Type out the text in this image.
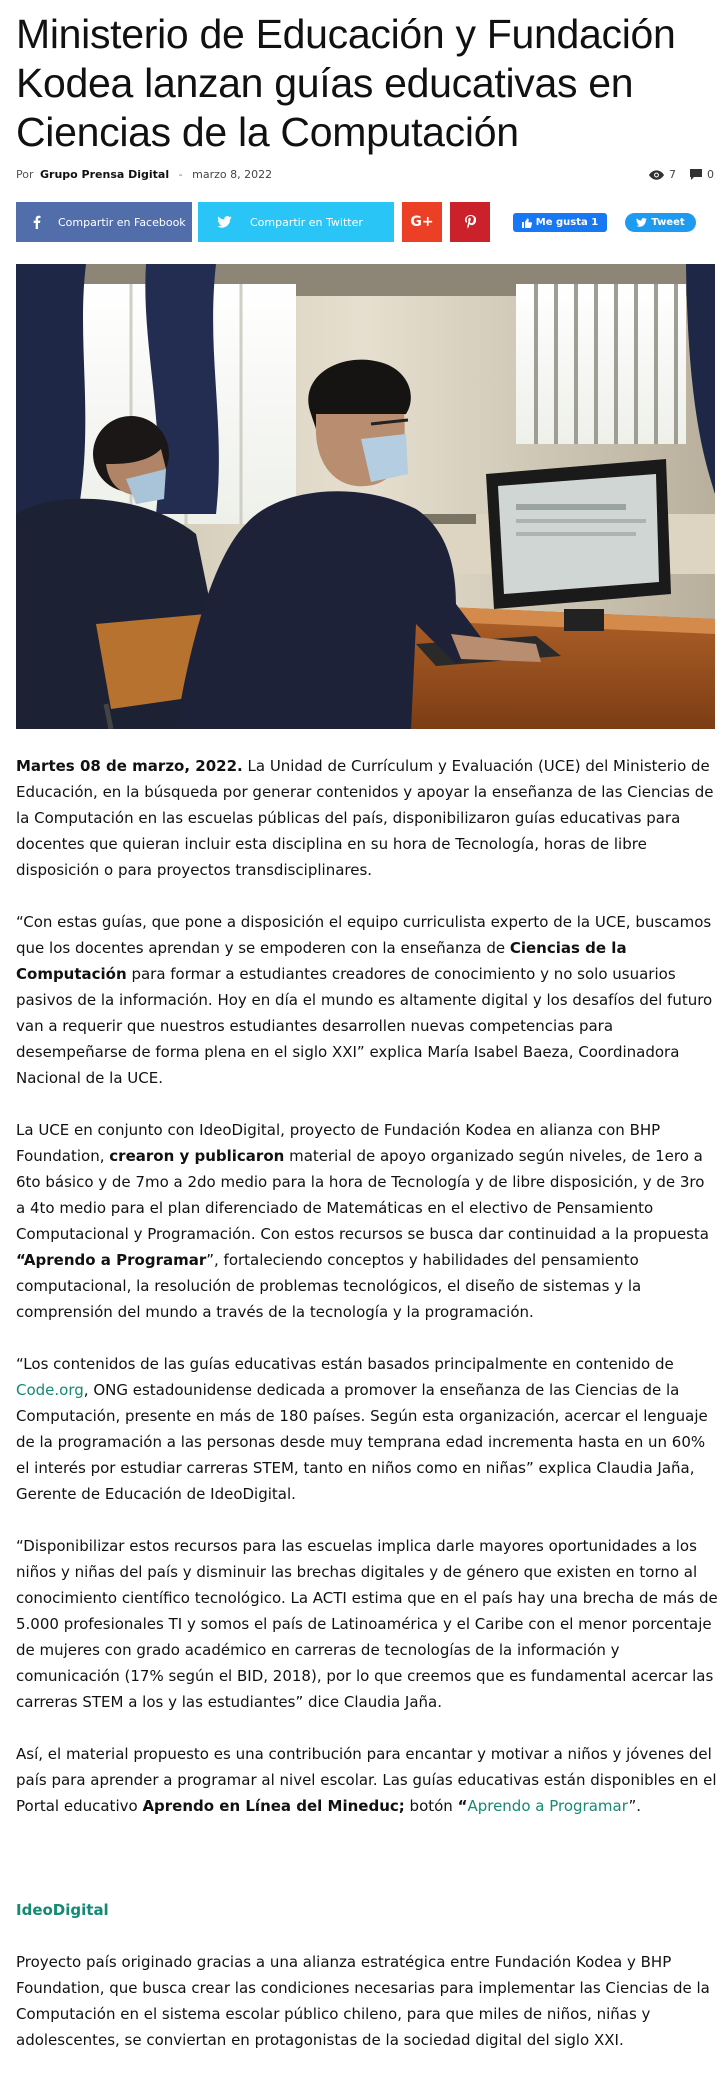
Ministerio de Educación y Fundación Kodea lanzan guías educativas en Ciencias de la Computación
Por Grupo Prensa Digital - marzo 8, 2022	7	0
Compartir en Facebook	Compartir en Twitter	G+	Me gusta 1	Tweet

Martes 08 de marzo, 2022. La Unidad de Currículum y Evaluación (UCE) del Ministerio de Educación, en la búsqueda por generar contenidos y apoyar la enseñanza de las Ciencias de la Computación en las escuelas públicas del país, disponibilizaron guías educativas para docentes que quieran incluir esta disciplina en su hora de Tecnología, horas de libre disposición o para proyectos transdisciplinares.

“Con estas guías, que pone a disposición el equipo curriculista experto de la UCE, buscamos que los docentes aprendan y se empoderen con la enseñanza de Ciencias de la Computación para formar a estudiantes creadores de conocimiento y no solo usuarios pasivos de la información. Hoy en día el mundo es altamente digital y los desafíos del futuro van a requerir que nuestros estudiantes desarrollen nuevas competencias para desempeñarse de forma plena en el siglo XXI” explica María Isabel Baeza, Coordinadora Nacional de la UCE.

La UCE en conjunto con IdeoDigital, proyecto de Fundación Kodea en alianza con BHP Foundation, crearon y publicaron material de apoyo organizado según niveles, de 1ero a 6to básico y de 7mo a 2do medio para la hora de Tecnología y de libre disposición, y de 3ro a 4to medio para el plan diferenciado de Matemáticas en el electivo de Pensamiento Computacional y Programación. Con estos recursos se busca dar continuidad a la propuesta “Aprendo a Programar”, fortaleciendo conceptos y habilidades del pensamiento computacional, la resolución de problemas tecnológicos, el diseño de sistemas y la comprensión del mundo a través de la tecnología y la programación.

“Los contenidos de las guías educativas están basados principalmente en contenido de Code.org, ONG estadounidense dedicada a promover la enseñanza de las Ciencias de la Computación, presente en más de 180 países. Según esta organización, acercar el lenguaje de la programación a las personas desde muy temprana edad incrementa hasta en un 60% el interés por estudiar carreras STEM, tanto en niños como en niñas” explica Claudia Jaña, Gerente de Educación de IdeoDigital.

“Disponibilizar estos recursos para las escuelas implica darle mayores oportunidades a los niños y niñas del país y disminuir las brechas digitales y de género que existen en torno al conocimiento científico tecnológico. La ACTI estima que en el país hay una brecha de más de 5.000 profesionales TI y somos el país de Latinoamérica y el Caribe con el menor porcentaje de mujeres con grado académico en carreras de tecnologías de la información y comunicación (17% según el BID, 2018), por lo que creemos que es fundamental acercar las carreras STEM a los y las estudiantes” dice Claudia Jaña.

Así, el material propuesto es una contribución para encantar y motivar a niños y jóvenes del país para aprender a programar al nivel escolar. Las guías educativas están disponibles en el Portal educativo Aprendo en Línea del Mineduc; botón “Aprendo a Programar”.

IdeoDigital

Proyecto país originado gracias a una alianza estratégica entre Fundación Kodea y BHP Foundation, que busca crear las condiciones necesarias para implementar las Ciencias de la Computación en el sistema escolar público chileno, para que miles de niños, niñas y adolescentes, se conviertan en protagonistas de la sociedad digital del siglo XXI.
